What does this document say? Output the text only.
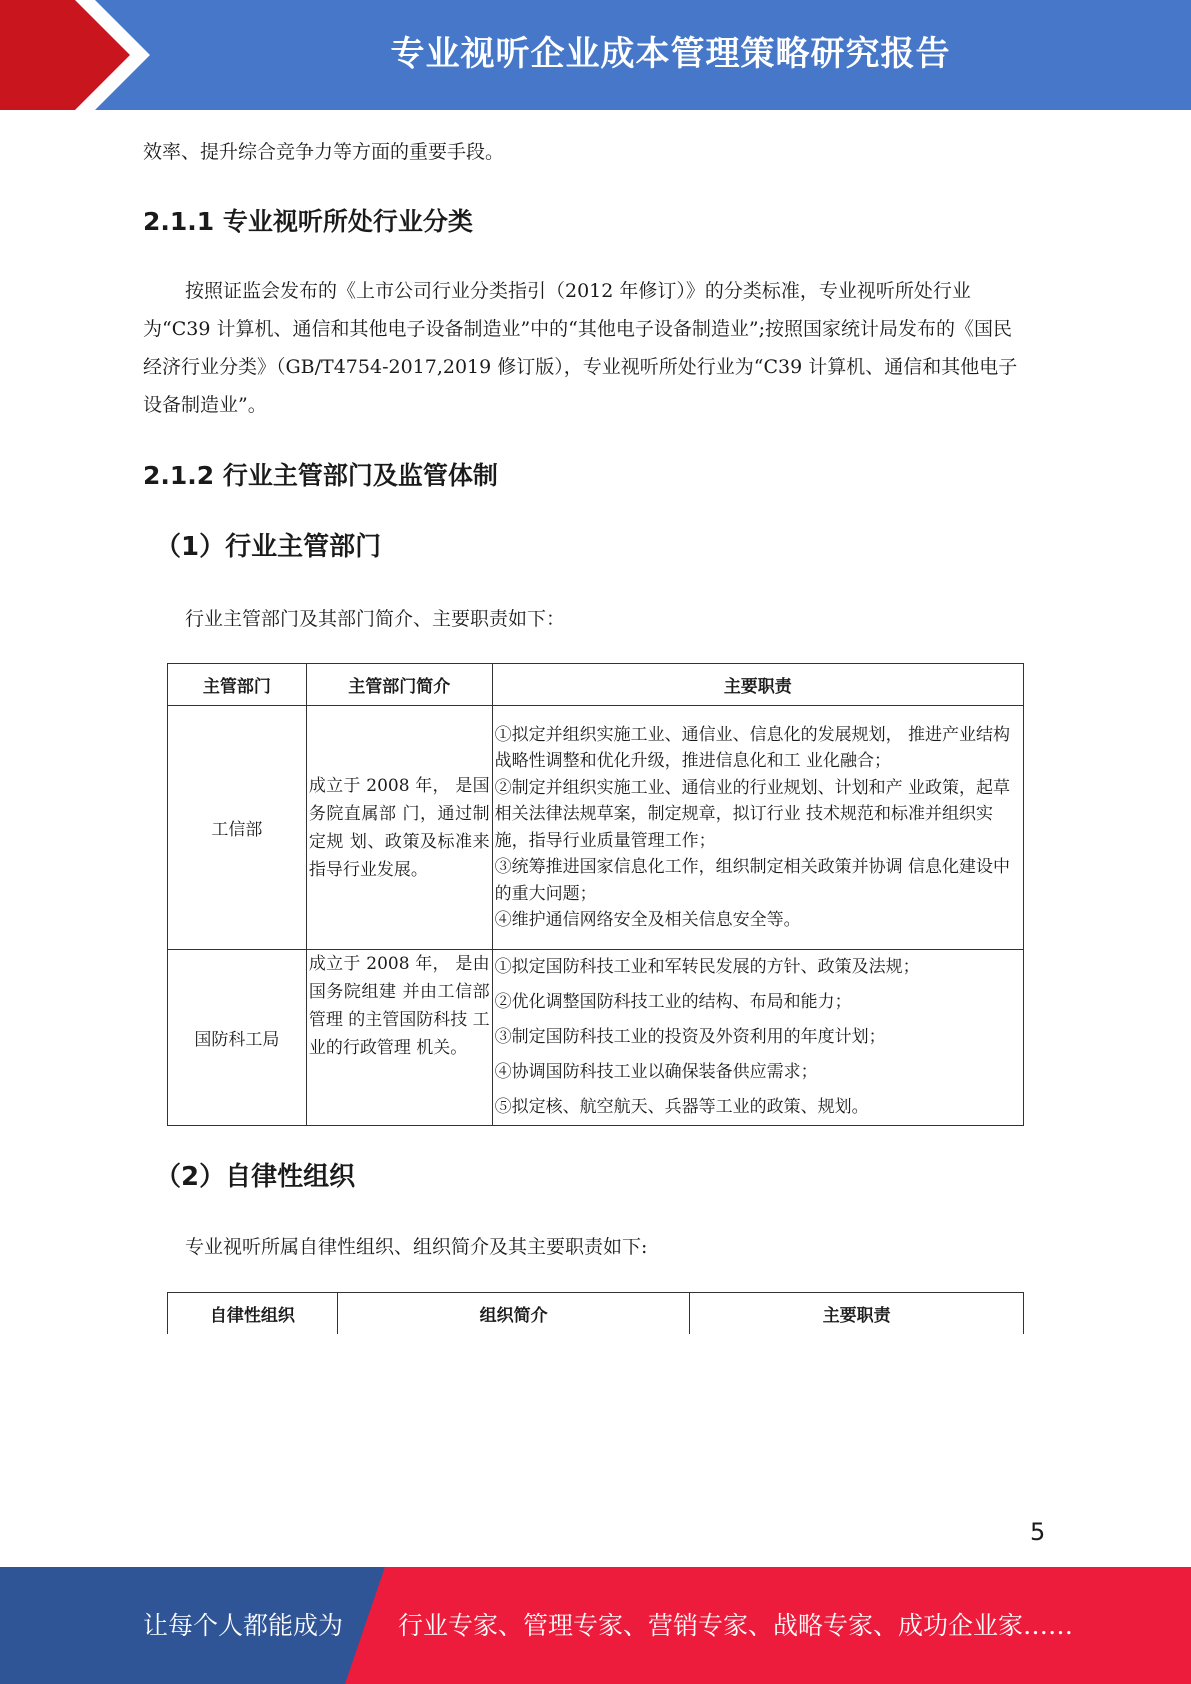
专业视听企业成本管理策略研究报告

效率、提升综合竞争力等方面的重要手段。

2.1.1 专业视听所处行业分类

按照证监会发布的《上市公司行业分类指引（2012 年修订）》的分类标准，专业视听所处行业为“C39 计算机、通信和其他电子设备制造业”中的“其他电子设备制造业”;按照国家统计局发布的《国民经济行业分类》（GB/T4754-2017,2019 修订版），专业视听所处行业为“C39 计算机、通信和其他电子设备制造业”。

2.1.2 行业主管部门及监管体制
（1）行业主管部门

行业主管部门及其部门简介、主要职责如下：

主管部门	主管部门简介	主要职责
工信部	成立于 2008 年， 是国务院直属部 门，通过制定规 划、政策及标准来 指导行业发展。	①拟定并组织实施工业、通信业、信息化的发展规划， 推进产业结构战略性调整和优化升级，推进信息化和工 业化融合；
②制定并组织实施工业、通信业的行业规划、计划和产 业政策，起草相关法律法规草案，制定规章，拟订行业 技术规范和标准并组织实施，指导行业质量管理工作；
③统筹推进国家信息化工作，组织制定相关政策并协调 信息化建设中的重大问题；
④维护通信网络安全及相关信息安全等。

国防科工局	成立于 2008 年， 是由国务院组建 并由工信部管理 的主管国防科技 工业的行政管理 机关。	①拟定国防科技工业和军转民发展的方针、政策及法规；
②优化调整国防科技工业的结构、布局和能力；
③制定国防科技工业的投资及外资利用的年度计划；
④协调国防科技工业以确保装备供应需求；
⑤拟定核、航空航天、兵器等工业的政策、规划。
（2）自律性组织

专业视听所属自律性组织、组织简介及其主要职责如下:

自律性组织	组织简介	主要职责
5
让每个人都能成为 行业专家、管理专家、营销专家、战略专家、成功企业家……
